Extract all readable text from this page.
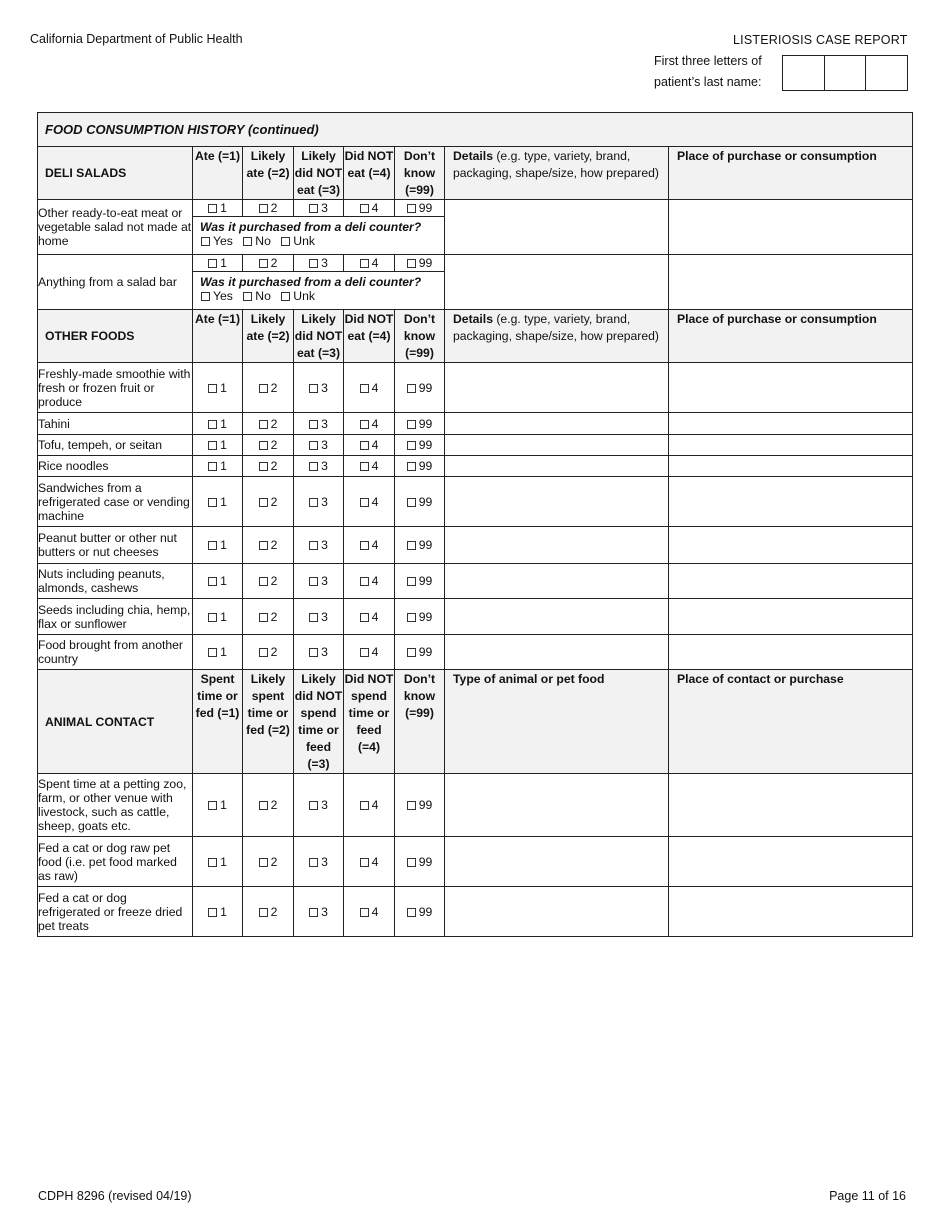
California Department of Public Health	LISTERIOSIS CASE REPORT
First three letters of
patient’s last name:
FOOD CONSUMPTION HISTORY (continued)							
DELI SALADS	Ate (=1)	Likely ate (=2)	Likely did NOT eat (=3)	Did NOT eat (=4)	Don’t know (=99)	Details (e.g. type, variety, brand, packaging, shape/size, how prepared)	Place of purchase or consumption
Other ready-to-eat meat or vegetable salad not made at home	1	2	3	4	99		

	Was it purchased from a deli counter?
Yes No Unk						

Anything from a salad bar	1	2	3	4	99		

	Was it purchased from a deli counter?
Yes No Unk						

OTHER FOODS	Ate (=1)	Likely ate (=2)	Likely did NOT eat (=3)	Did NOT eat (=4)	Don’t know (=99)	Details (e.g. type, variety, brand, packaging, shape/size, how prepared)	Place of purchase or consumption

Freshly-made smoothie with fresh or frozen fruit or produce	1	2	3	4	99		

Tahini	1	2	3	4	99		

Tofu, tempeh, or seitan	1	2	3	4	99		

Rice noodles	1	2	3	4	99		

Sandwiches from a refrigerated case or vending machine	1	2	3	4	99		

Peanut butter or other nut butters or nut cheeses	1	2	3	4	99		

Nuts including peanuts, almonds, cashews	1	2	3	4	99		

Seeds including chia, hemp, flax or sunflower	1	2	3	4	99		

Food brought from another country	1	2	3	4	99		
ANIMAL CONTACT	Spent time or fed (=1)	Likely spent time or fed (=2)	Likely did NOT spend time or feed (=3)	Did NOT spend time or feed (=4)	Don’t know (=99)	Type of animal or pet food	Place of contact or purchase
Spent time at a petting zoo, farm, or other venue with livestock, such as cattle, sheep, goats etc.	1	2	3	4	99		
Fed a cat or dog raw pet food (i.e. pet food marked as raw)	1	2	3	4	99		
Fed a cat or dog refrigerated or freeze dried pet treats	1	2	3	4	99		
CDPH 8296 (revised 04/19)	Page 11 of 16
